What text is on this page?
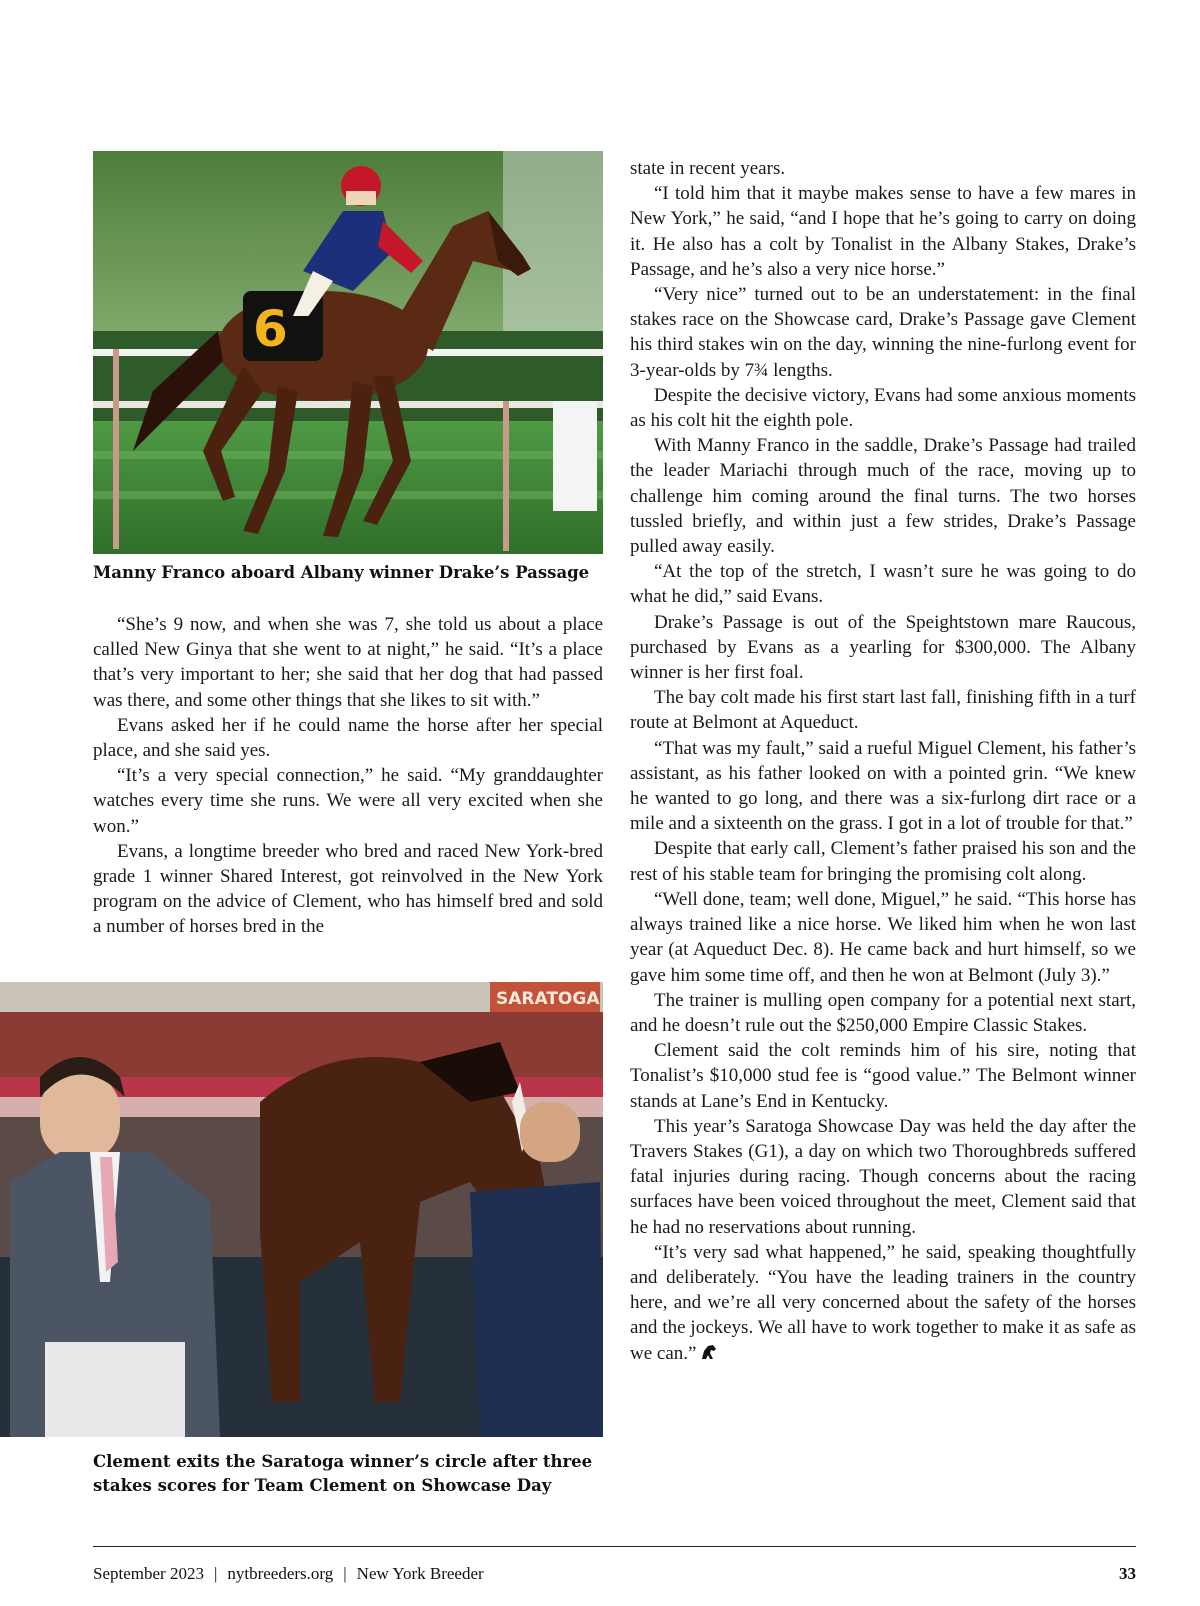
6
Manny Franco aboard Albany winner Drake’s Passage

“She’s 9 now, and when she was 7, she told us about a place called New Ginya that she went to at night,” he said. “It’s a place that’s very important to her; she said that her dog that had passed was there, and some other things that she likes to sit with.”

Evans asked her if he could name the horse after her special place, and she said yes.

“It’s a very special connection,” he said. “My granddaughter watches every time she runs. We were all very excited when she won.”

Evans, a longtime breeder who bred and raced New York-bred grade 1 winner Shared Interest, got reinvolved in the New York program on the advice of Clement, who has himself bred and sold a number of horses bred in the

SARATOGA
Clement exits the Saratoga winner’s circle after three stakes scores for Team Clement on Showcase Day

state in recent years.

“I told him that it maybe makes sense to have a few mares in New York,” he said, “and I hope that he’s going to carry on doing it. He also has a colt by Tonalist in the Albany Stakes, Drake’s Passage, and he’s also a very nice horse.”

“Very nice” turned out to be an understatement: in the final stakes race on the Showcase card, Drake’s Passage gave Clement his third stakes win on the day, winning the nine-furlong event for 3-year-olds by 7¾ lengths.

Despite the decisive victory, Evans had some anxious moments as his colt hit the eighth pole.

With Manny Franco in the saddle, Drake’s Passage had trailed the leader Mariachi through much of the race, moving up to challenge him coming around the final turns. The two horses tussled briefly, and within just a few strides, Drake’s Passage pulled away easily.

“At the top of the stretch, I wasn’t sure he was going to do what he did,” said Evans.

Drake’s Passage is out of the Speightstown mare Raucous, purchased by Evans as a yearling for $300,000. The Albany winner is her first foal.

The bay colt made his first start last fall, finishing fifth in a turf route at Belmont at Aqueduct.

“That was my fault,” said a rueful Miguel Clement, his father’s assistant, as his father looked on with a pointed grin. “We knew he wanted to go long, and there was a six-furlong dirt race or a mile and a sixteenth on the grass. I got in a lot of trouble for that.”

Despite that early call, Clement’s father praised his son and the rest of his stable team for bringing the promising colt along.

“Well done, team; well done, Miguel,” he said. “This horse has always trained like a nice horse. We liked him when he won last year (at Aqueduct Dec. 8). He came back and hurt himself, so we gave him some time off, and then he won at Belmont (July 3).”

The trainer is mulling open company for a potential next start, and he doesn’t rule out the $250,000 Empire Classic Stakes.

Clement said the colt reminds him of his sire, noting that Tonalist’s $10,000 stud fee is “good value.” The Belmont winner stands at Lane’s End in Kentucky.

This year’s Saratoga Showcase Day was held the day after the Travers Stakes (G1), a day on which two Thoroughbreds suffered fatal injuries during racing. Though concerns about the racing surfaces have been voiced throughout the meet, Clement said that he had no reservations about running.

“It’s very sad what happened,” he said, speaking thoughtfully and deliberately. “You have the leading trainers in the country here, and we’re all very concerned about the safety of the horses and the jockeys. We all have to work together to make it as safe as we can.”

September 2023 | nytbreeders.org | New York Breeder	33
